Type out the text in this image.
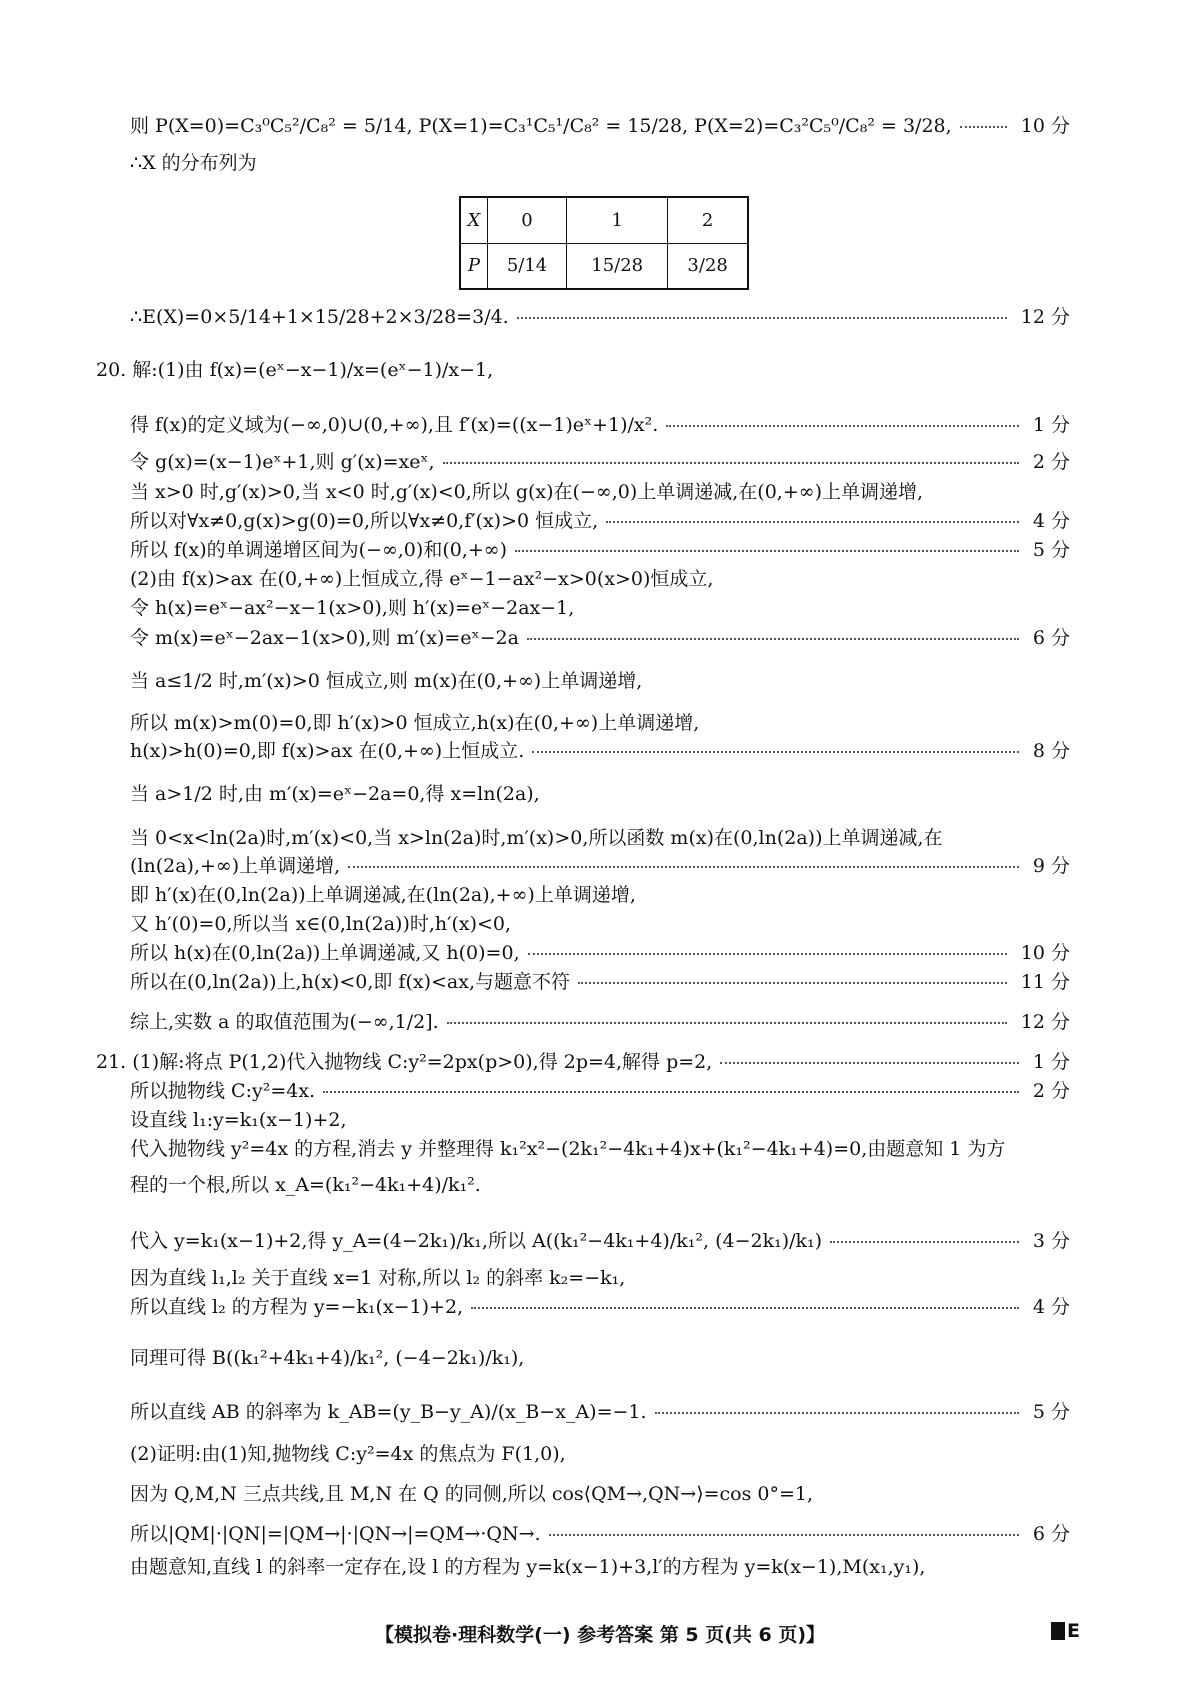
则 P(X=0)=C₃⁰C₅²/C₈² = 5/14, P(X=1)=C₃¹C₅¹/C₈² = 15/28, P(X=2)=C₃²C₅⁰/C₈² = 3/28,	10 分
∴X 的分布列为
X	0	1	2
P	5/14	15/28	3/28
∴E(X)=0×5/14+1×15/28+2×3/28=3/4.	12 分
20. 解:(1)由 f(x)=(eˣ−x−1)/x=(eˣ−1)/x−1,
得 f(x)的定义域为(−∞,0)∪(0,+∞),且 f′(x)=((x−1)eˣ+1)/x².	1 分
令 g(x)=(x−1)eˣ+1,则 g′(x)=xeˣ,	2 分
当 x>0 时,g′(x)>0,当 x<0 时,g′(x)<0,所以 g(x)在(−∞,0)上单调递减,在(0,+∞)上单调递增,
所以对∀x≠0,g(x)>g(0)=0,所以∀x≠0,f′(x)>0 恒成立,	4 分
所以 f(x)的单调递增区间为(−∞,0)和(0,+∞)	5 分
(2)由 f(x)>ax 在(0,+∞)上恒成立,得 eˣ−1−ax²−x>0(x>0)恒成立,
令 h(x)=eˣ−ax²−x−1(x>0),则 h′(x)=eˣ−2ax−1,
令 m(x)=eˣ−2ax−1(x>0),则 m′(x)=eˣ−2a	6 分
当 a≤1/2 时,m′(x)>0 恒成立,则 m(x)在(0,+∞)上单调递增,
所以 m(x)>m(0)=0,即 h′(x)>0 恒成立,h(x)在(0,+∞)上单调递增,
h(x)>h(0)=0,即 f(x)>ax 在(0,+∞)上恒成立.	8 分
当 a>1/2 时,由 m′(x)=eˣ−2a=0,得 x=ln(2a),
当 0<x<ln(2a)时,m′(x)<0,当 x>ln(2a)时,m′(x)>0,所以函数 m(x)在(0,ln(2a))上单调递减,在
(ln(2a),+∞)上单调递增,	9 分
即 h′(x)在(0,ln(2a))上单调递减,在(ln(2a),+∞)上单调递增,
又 h′(0)=0,所以当 x∈(0,ln(2a))时,h′(x)<0,
所以 h(x)在(0,ln(2a))上单调递减,又 h(0)=0,	10 分
所以在(0,ln(2a))上,h(x)<0,即 f(x)<ax,与题意不符	11 分
综上,实数 a 的取值范围为(−∞,1/2].	12 分
21. (1)解:将点 P(1,2)代入抛物线 C:y²=2px(p>0),得 2p=4,解得 p=2,	1 分
所以抛物线 C:y²=4x.	2 分
设直线 l₁:y=k₁(x−1)+2,
代入抛物线 y²=4x 的方程,消去 y 并整理得 k₁²x²−(2k₁²−4k₁+4)x+(k₁²−4k₁+4)=0,由题意知 1 为方
程的一个根,所以 x_A=(k₁²−4k₁+4)/k₁².
代入 y=k₁(x−1)+2,得 y_A=(4−2k₁)/k₁,所以 A((k₁²−4k₁+4)/k₁², (4−2k₁)/k₁)	3 分
因为直线 l₁,l₂ 关于直线 x=1 对称,所以 l₂ 的斜率 k₂=−k₁,
所以直线 l₂ 的方程为 y=−k₁(x−1)+2,	4 分
同理可得 B((k₁²+4k₁+4)/k₁², (−4−2k₁)/k₁),
所以直线 AB 的斜率为 k_AB=(y_B−y_A)/(x_B−x_A)=−1.	5 分
(2)证明:由(1)知,抛物线 C:y²=4x 的焦点为 F(1,0),
因为 Q,M,N 三点共线,且 M,N 在 Q 的同侧,所以 cos⟨QM→,QN→⟩=cos 0°=1,
所以|QM|·|QN|=|QM→|·|QN→|=QM→·QN→.	6 分
由题意知,直线 l 的斜率一定存在,设 l 的方程为 y=k(x−1)+3,l′的方程为 y=k(x−1),M(x₁,y₁),
【模拟卷·理科数学(一) 参考答案 第 5 页(共 6 页)】	E
